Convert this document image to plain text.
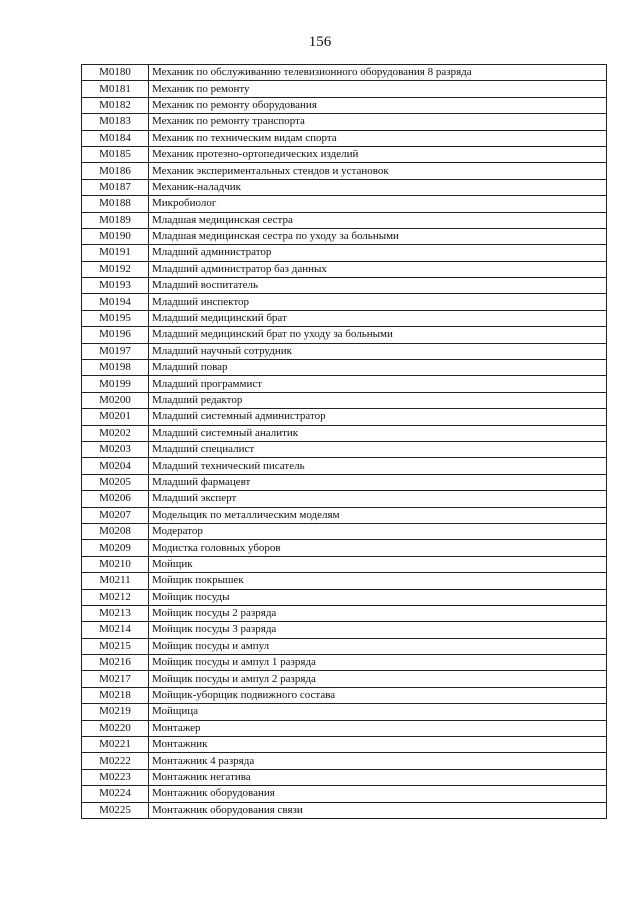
156
M0180	Механик по обслуживанию телевизионного оборудования 8 разряда
M0181	Механик по ремонту
M0182	Механик по ремонту оборудования
M0183	Механик по ремонту транспорта
M0184	Механик по техническим видам спорта
M0185	Механик протезно-ортопедических изделий
M0186	Механик экспериментальных стендов и установок
M0187	Механик-наладчик
M0188	Микробиолог
M0189	Младшая медицинская сестра
M0190	Младшая медицинская сестра по уходу за больными
M0191	Младший администратор
M0192	Младший администратор баз данных
M0193	Младший воспитатель
M0194	Младший инспектор
M0195	Младший медицинский брат
M0196	Младший медицинский брат по уходу за больными
M0197	Младший научный сотрудник
M0198	Младший повар
M0199	Младший программист
M0200	Младший редактор
M0201	Младший системный администратор
M0202	Младший системный аналитик
M0203	Младший специалист
M0204	Младший технический писатель
M0205	Младший фармацевт
M0206	Младший эксперт
M0207	Модельщик по металлическим моделям
M0208	Модератор
M0209	Модистка головных уборов
M0210	Мойщик
M0211	Мойщик покрышек
M0212	Мойщик посуды
M0213	Мойщик посуды 2 разряда
M0214	Мойщик посуды 3 разряда
M0215	Мойщик посуды и ампул
M0216	Мойщик посуды и ампул 1 разряда
M0217	Мойщик посуды и ампул 2 разряда
M0218	Мойщик-уборщик подвижного состава
M0219	Мойщица
M0220	Монтажер
M0221	Монтажник
M0222	Монтажник 4 разряда
M0223	Монтажник негатива
M0224	Монтажник оборудования
M0225	Монтажник оборудования связи
